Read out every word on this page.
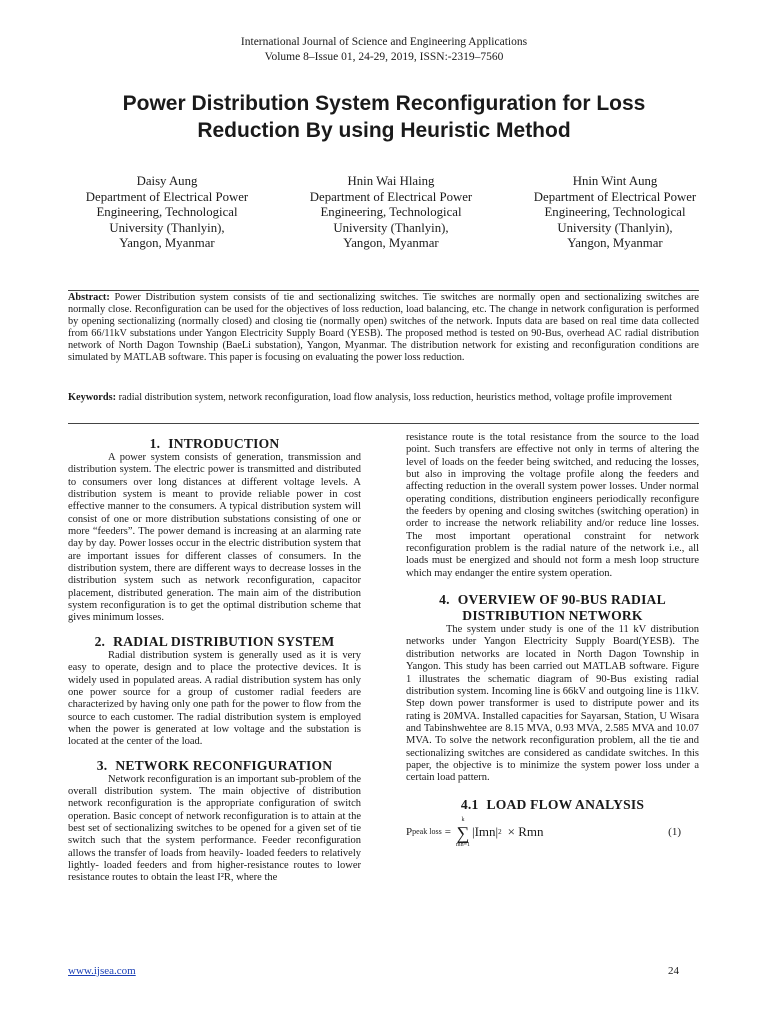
International Journal of Science and Engineering Applications
Volume 8–Issue 01, 24-29, 2019, ISSN:-2319–7560
Power Distribution System Reconfiguration for Loss
Reduction By using Heuristic Method
Daisy Aung
Department of Electrical Power
Engineering, Technological
University (Thanlyin),
Yangon, Myanmar
Hnin Wai Hlaing
Department of Electrical Power
Engineering, Technological
University (Thanlyin),
Yangon, Myanmar
Hnin Wint Aung
Department of Electrical Power
Engineering, Technological
University (Thanlyin),
Yangon, Myanmar
Abstract: Power Distribution system consists of tie and sectionalizing switches. Tie switches are normally open and sectionalizing switches are normally close. Reconfiguration can be used for the objectives of loss reduction, load balancing, etc. The change in network configuration is performed by opening sectionalizing (normally closed) and closing tie (normally open) switches of the network. Inputs data are based on real time data collected from 66/11kV substations under Yangon Electricity Supply Board (YESB). The proposed method is tested on 90-Bus, overhead AC radial distribution network of North Dagon Township (BaeLi substation), Yangon, Myanmar. The distribution network for existing and reconfiguration conditions are simulated by MATLAB software. This paper is focusing on evaluating the power loss reduction.
Keywords: radial distribution system, network reconfiguration, load flow analysis, loss reduction, heuristics method, voltage profile improvement
1. INTRODUCTION

A power system consists of generation, transmission and distribution system. The electric power is transmitted and distributed to consumers over long distances at different voltage levels. A distribution system is meant to provide reliable power in cost effective manner to the consumers. A typical distribution system will consist of one or more distribution substations consisting of one or more “feeders”. The power demand is increasing at an alarming rate day by day. Power losses occur in the electric distribution system that are important issues for different classes of consumers. In the distribution system, there are different ways to decrease losses in the distribution system such as network reconfiguration, capacitor placement, distributed generation. The main aim of the distribution system reconfiguration is to get the optimal distribution scheme that gives minimum losses.

2. RADIAL DISTRIBUTION SYSTEM

Radial distribution system is generally used as it is very easy to operate, design and to place the protective devices. It is widely used in populated areas. A radial distribution system has only one power source for a group of customer radial feeders are characterized by having only one path for the power to flow from the source to each customer. The radial distribution system is employed when the power is generated at low voltage and the substation is located at the center of the load.

3. NETWORK RECONFIGURATION

Network reconfiguration is an important sub-problem of the overall distribution system. The main objective of distribution network reconfiguration is the appropriate configuration of switch operation. Basic concept of network reconfiguration is to attain at the best set of sectionalizing switches to be opened for a given set of tie switch such that the system performance. Feeder reconfiguration allows the transfer of loads from heavily- loaded feeders to relatively lightly- loaded feeders and from higher-resistance routes to lower resistance routes to obtain the least I²R, where the

resistance route is the total resistance from the source to the load point. Such transfers are effective not only in terms of altering the level of loads on the feeder being switched, and reducing the losses, but also in improving the voltage profile along the feeders and affecting reduction in the overall system power losses. Under normal operating conditions, distribution engineers periodically reconfigure the feeders by opening and closing switches (switching operation) in order to increase the network reliability and/or reduce line losses. The most important operational constraint for network reconfiguration problem is the radial nature of the network i.e., all loads must be energized and should not form a mesh loop structure which may endanger the entire system operation.

4. OVERVIEW OF 90-BUS RADIAL
DISTRIBUTION NETWORK

The system under study is one of the 11 kV distribution networks under Yangon Electricity Supply Board(YESB). The distribution networks are located in North Dagon Township in Yangon. This study has been carried out MATLAB software. Figure 1 illustrates the schematic diagram of 90-Bus existing radial distribution system. Incoming line is 66kV and outgoing line is 11kV. Step down power transformer is used to distripute power and its rating is 20MVA. Installed capacities for Sayarsan, Station, U Wisara and Tabinshwehtee are 8.15 MVA, 0.93 MVA, 2.585 MVA and 10.07 MVA. To solve the network reconfiguration problem, all the tie and sectionalizing switches are considered as candidate switches. In this paper, the objective is to minimize the system power loss under a certain load pattern.

4.1 LOAD FLOW ANALYSIS
P peak loss =
k
∑
mn=1
|Imn| 2 × Rmn	(1)
www.ijsea.com	24
